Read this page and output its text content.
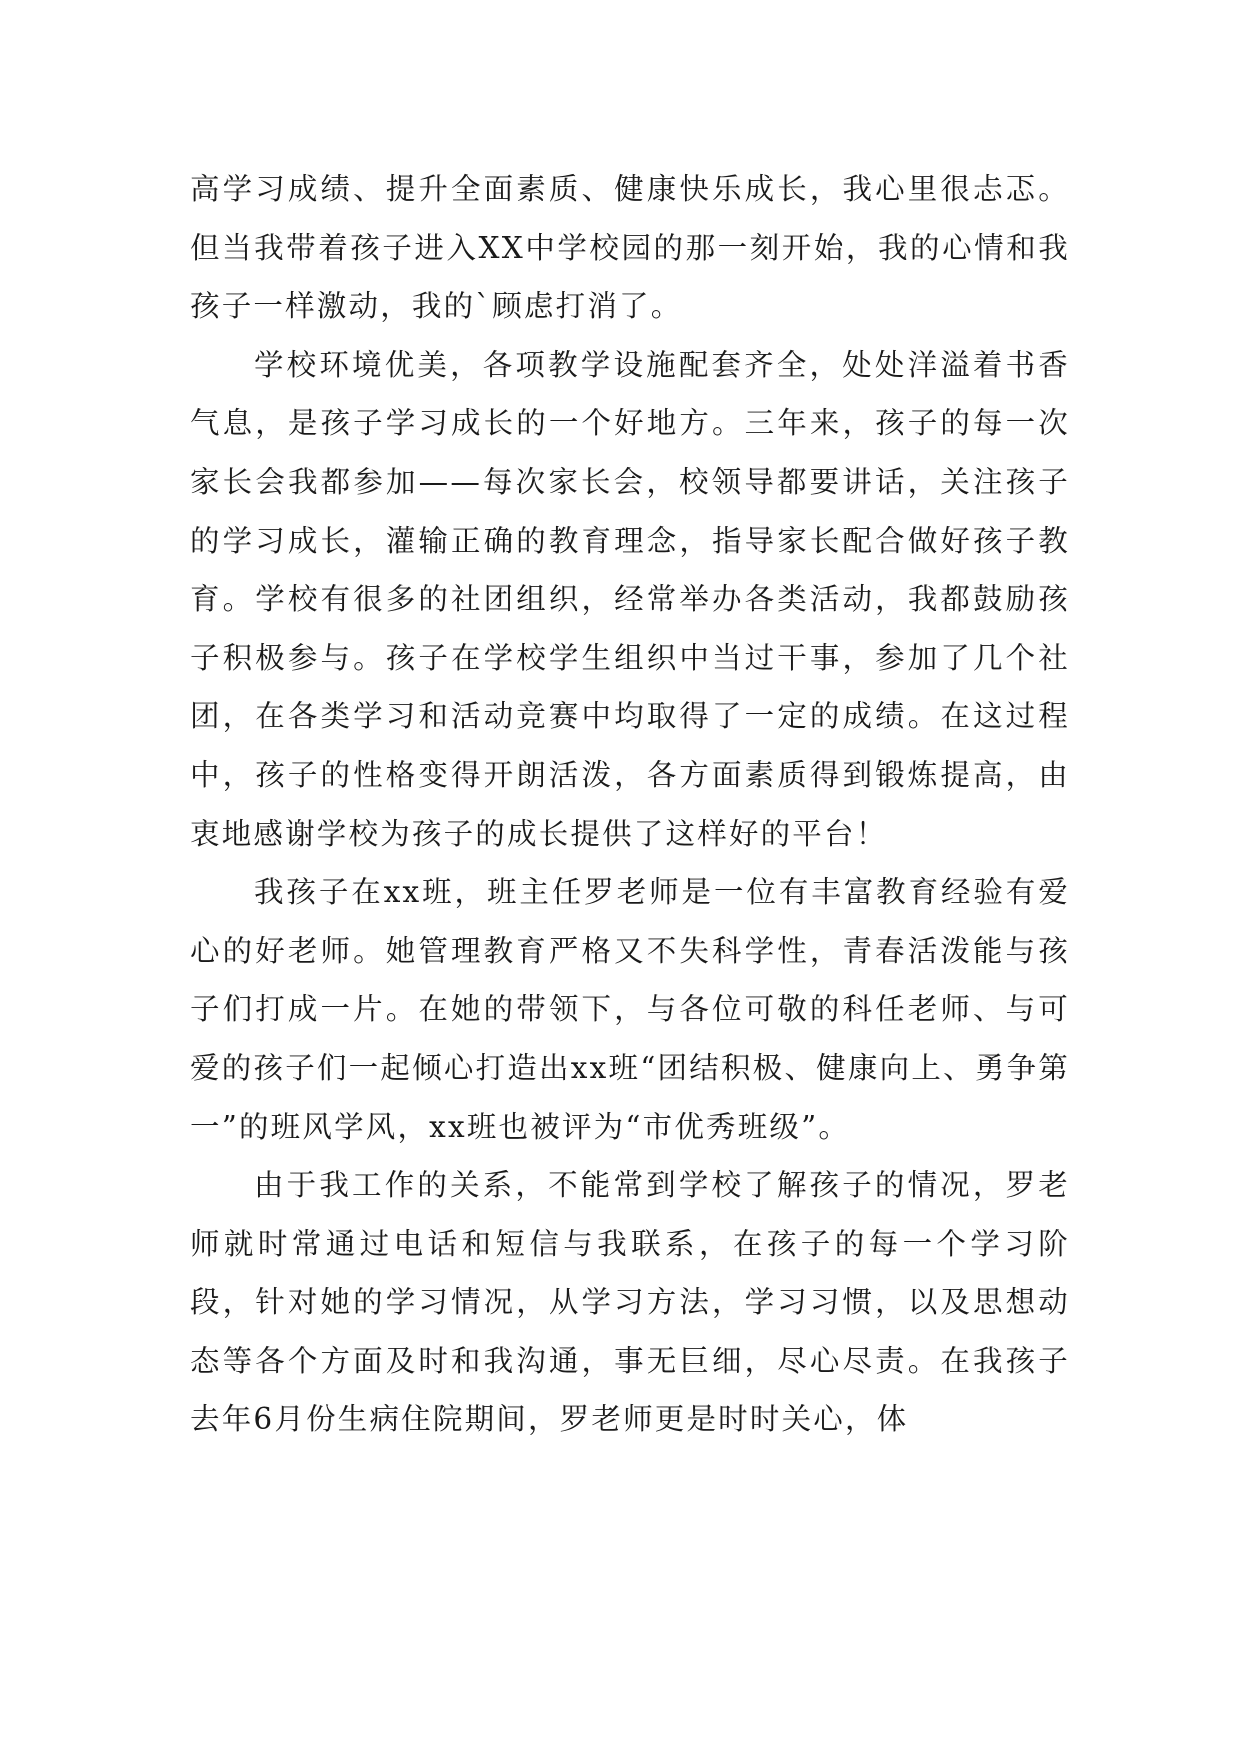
高学习成绩、提升全面素质、健康快乐成长，我心里很忐忑。但当我带着孩子进入XX中学校园的那一刻开始，我的心情和我孩子一样激动，我的`顾虑打消了。

学校环境优美，各项教学设施配套齐全，处处洋溢着书香气息，是孩子学习成长的一个好地方。三年来，孩子的每一次家长会我都参加——每次家长会，校领导都要讲话，关注孩子的学习成长，灌输正确的教育理念，指导家长配合做好孩子教育。学校有很多的社团组织，经常举办各类活动，我都鼓励孩子积极参与。孩子在学校学生组织中当过干事，参加了几个社团，在各类学习和活动竞赛中均取得了一定的成绩。在这过程中，孩子的性格变得开朗活泼，各方面素质得到锻炼提高，由衷地感谢学校为孩子的成长提供了这样好的平台！

我孩子在xx班，班主任罗老师是一位有丰富教育经验有爱心的好老师。她管理教育严格又不失科学性，青春活泼能与孩子们打成一片。在她的带领下，与各位可敬的科任老师、与可爱的孩子们一起倾心打造出xx班“团结积极、健康向上、勇争第一”的班风学风，xx班也被评为“市优秀班级”。

由于我工作的关系，不能常到学校了解孩子的情况，罗老师就时常通过电话和短信与我联系，在孩子的每一个学习阶段，针对她的学习情况，从学习方法，学习习惯，以及思想动态等各个方面及时和我沟通，事无巨细，尽心尽责。在我孩子去年6月份生病住院期间，罗老师更是时时关心，体
